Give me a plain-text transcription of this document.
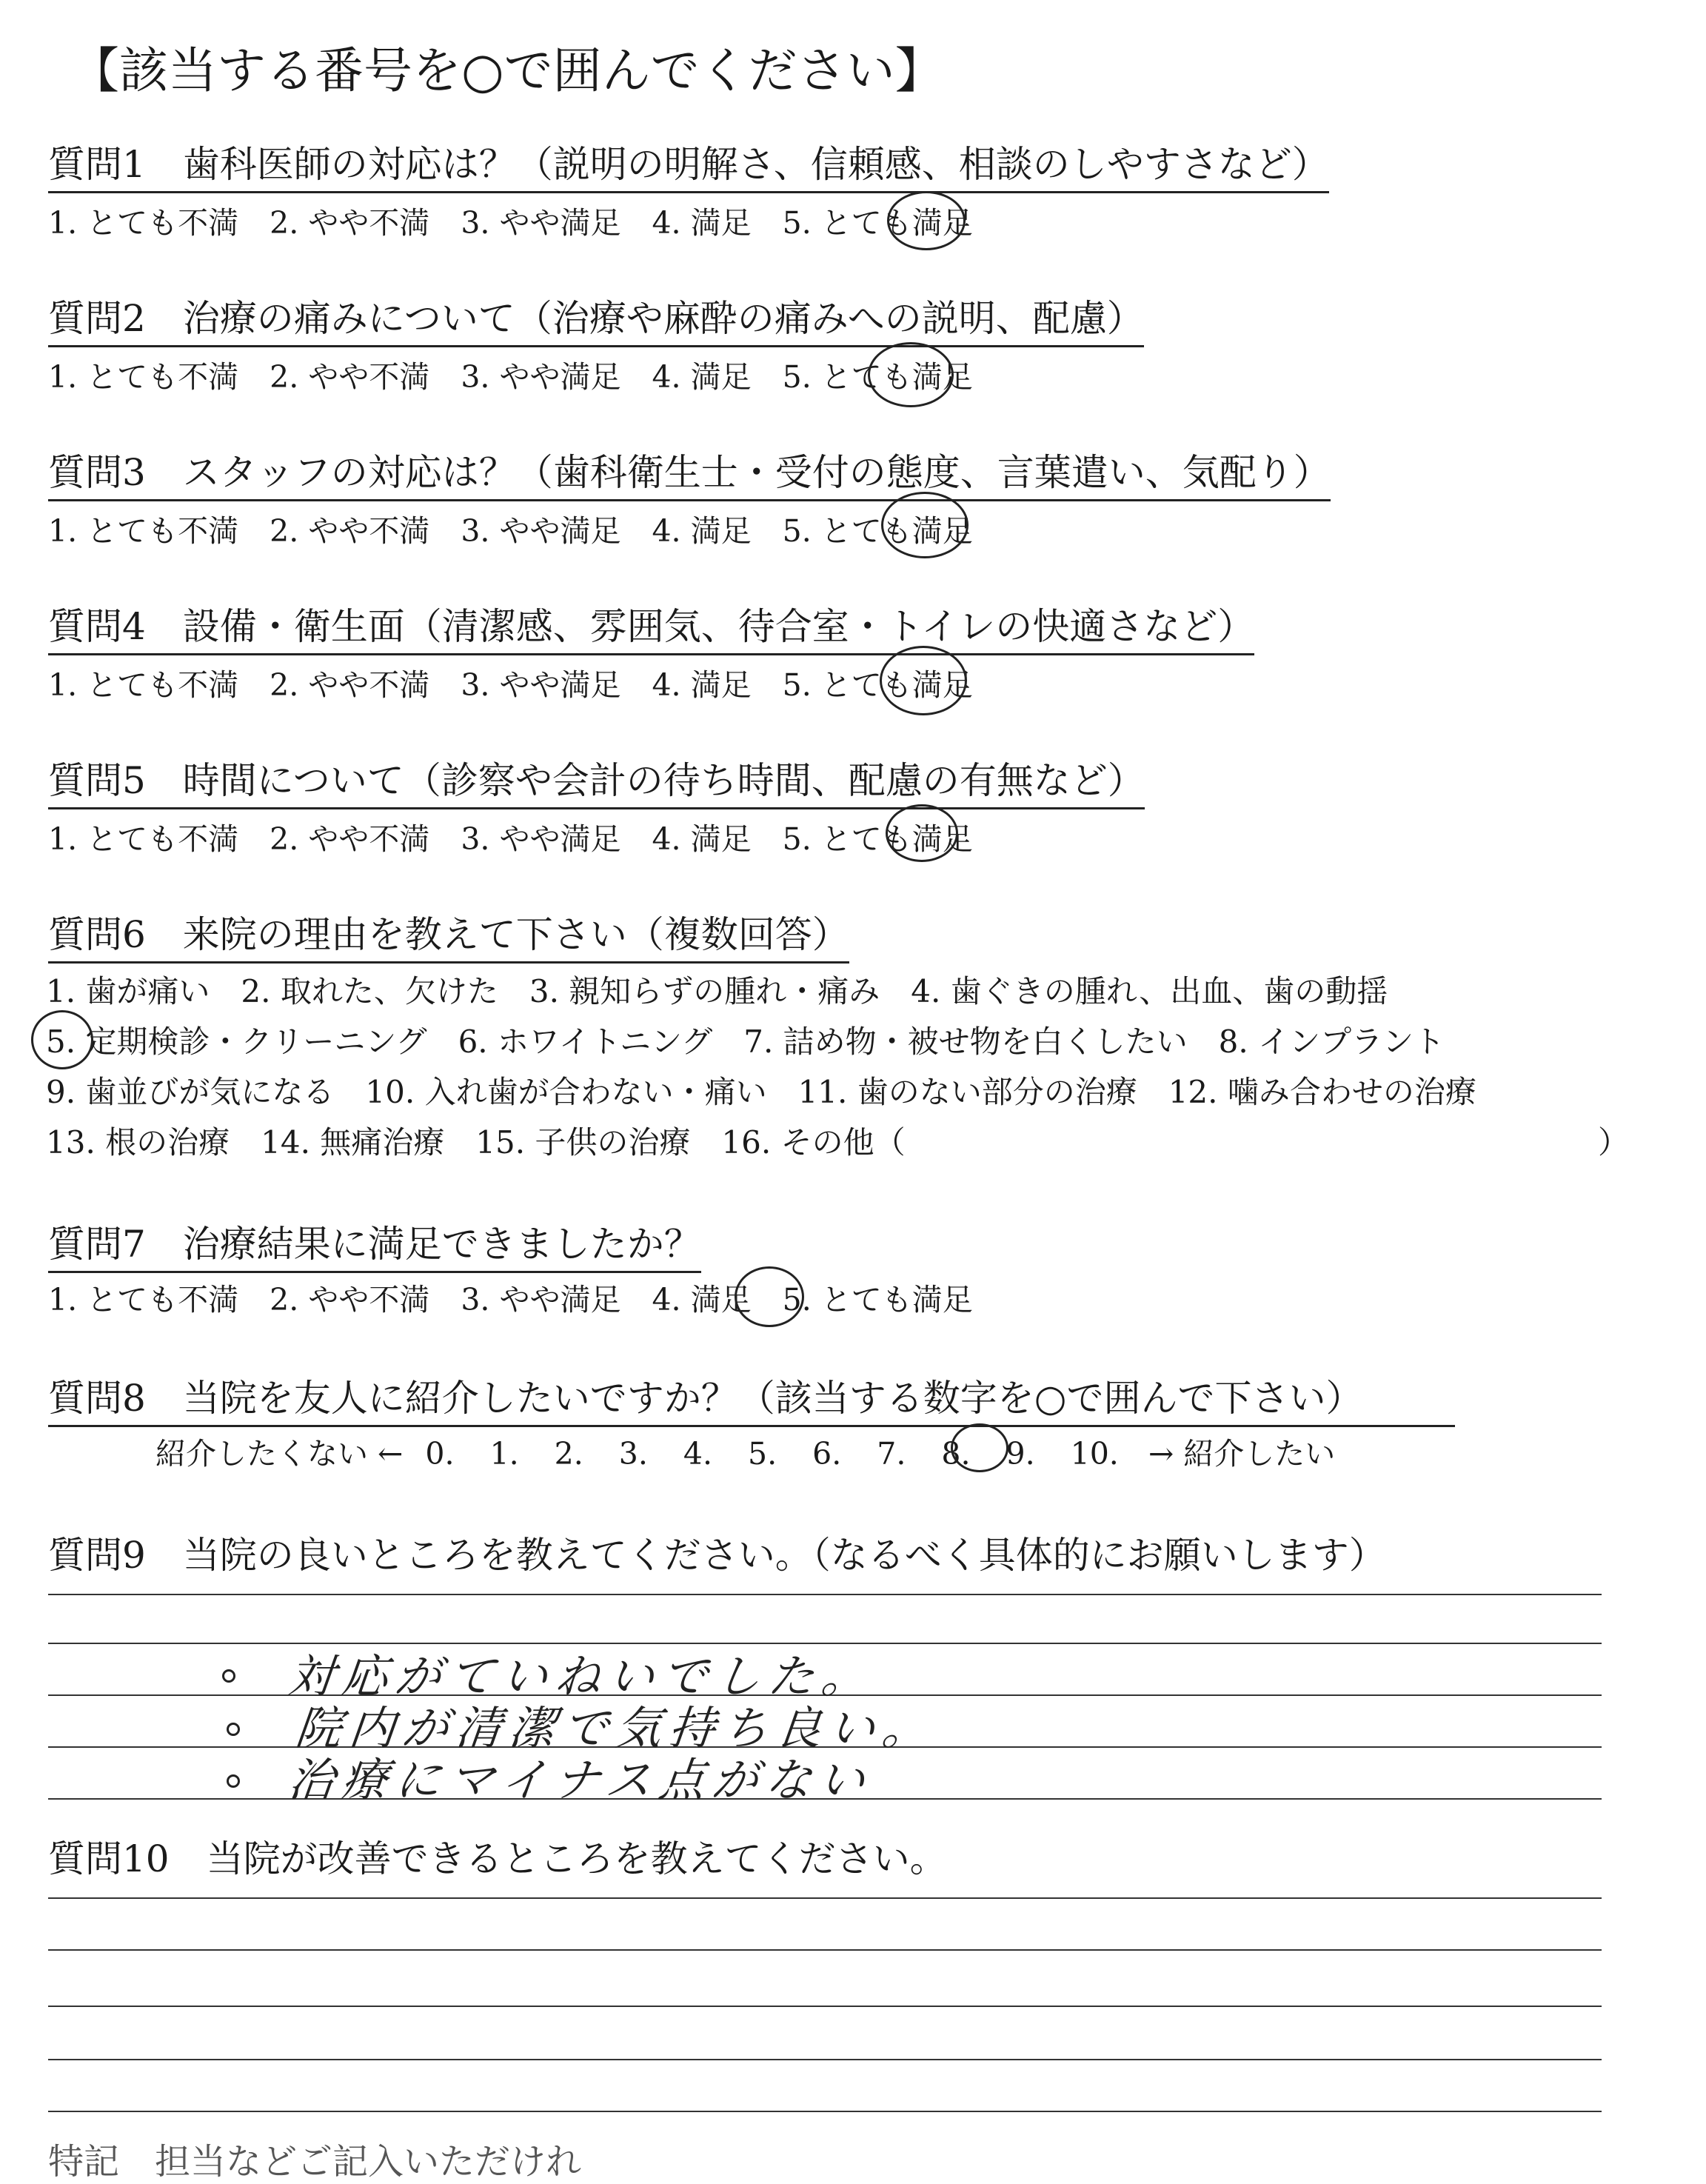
【該当する番号を○で囲んでください】
質問1　歯科医師の対応は？（説明の明解さ、信頼感、相談のしやすさなど）
1. とても不満 2. やや不満 3. やや満足 4. 満足 5. とても満足
質問2　治療の痛みについて（治療や麻酔の痛みへの説明、配慮）
1. とても不満 2. やや不満 3. やや満足 4. 満足 5. とても満足
質問3　スタッフの対応は？（歯科衛生士・受付の態度、言葉遣い、気配り）
1. とても不満 2. やや不満 3. やや満足 4. 満足 5. とても満足
質問4　設備・衛生面（清潔感、雰囲気、待合室・トイレの快適さなど）
1. とても不満 2. やや不満 3. やや満足 4. 満足 5. とても満足
質問5　時間について（診察や会計の待ち時間、配慮の有無など）
1. とても不満 2. やや不満 3. やや満足 4. 満足 5. とても満足
質問6　来院の理由を教えて下さい（複数回答）
1. 歯が痛い　2. 取れた、欠けた　3. 親知らずの腫れ・痛み　4. 歯ぐきの腫れ、出血、歯の動揺
5. 定期検診・クリーニング　6. ホワイトニング　7. 詰め物・被せ物を白くしたい　8. インプラント
9. 歯並びが気になる　10. 入れ歯が合わない・痛い　11. 歯のない部分の治療　12. 噛み合わせの治療
13. 根の治療　14. 無痛治療　15. 子供の治療　16. その他（	）
質問7　治療結果に満足できましたか？
1. とても不満 2. やや不満 3. やや満足 4. 満足 5. とても満足
質問8　当院を友人に紹介したいですか？（該当する数字を○で囲んで下さい）
紹介したくない ← 0. 1. 2. 3. 4. 5. 6. 7. 8. 9. 10. → 紹介したい
質問9　当院の良いところを教えてください。（なるべく具体的にお願いします）
対応がていねいでした。
院内が清潔で気持ち良い。
治療にマイナス点がない
質問10　当院が改善できるところを教えてください。
特記　担当などご記入いただけれ
